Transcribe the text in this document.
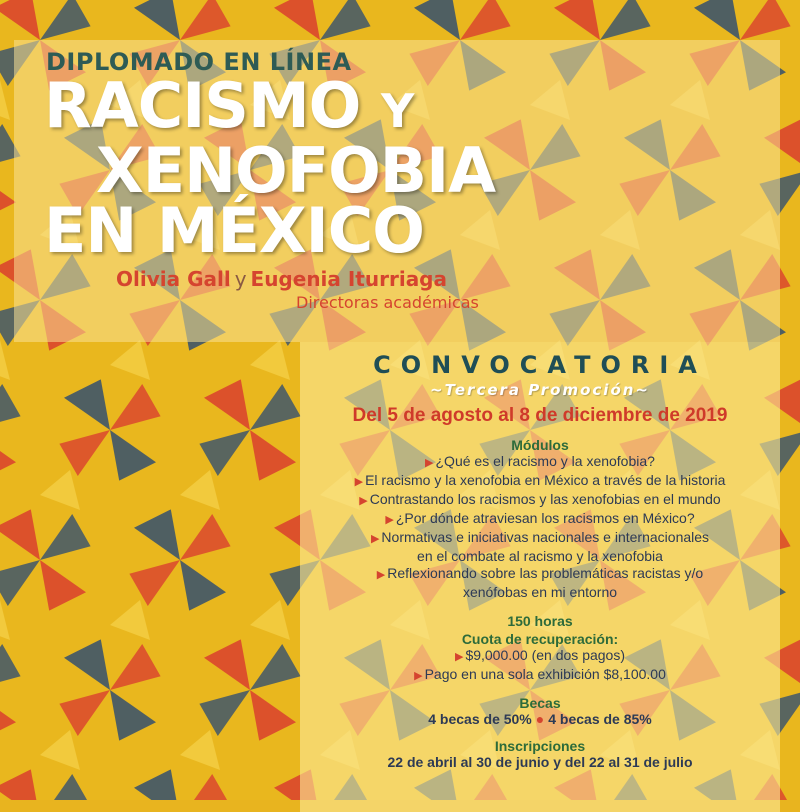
DIPLOMADO EN LÍNEA
RACISMO Y
XENOFOBIA
EN MÉXICO
Olivia Gall y Eugenia Iturriaga
Directoras académicas
CONVOCATORIA
~Tercera Promoción~
Del 5 de agosto al 8 de diciembre de 2019
Módulos
▶ ¿Qué es el racismo y la xenofobia?
▶ El racismo y la xenofobia en México a través de la historia
▶ Contrastando los racismos y las xenofobias en el mundo
▶ ¿Por dónde atraviesan los racismos en México?
▶ Normativas e iniciativas nacionales e internacionales
en el combate al racismo y la xenofobia
▶ Reflexionando sobre las problemáticas racistas y/o
xenófobas en mi entorno
150 horas
Cuota de recuperación:
▶ $9,000.00 (en dos pagos)
▶ Pago en una sola exhibición $8,100.00
Becas
4 becas de 50% ● 4 becas de 85%
Inscripciones
22 de abril al 30 de junio y del 22 al 31 de julio
